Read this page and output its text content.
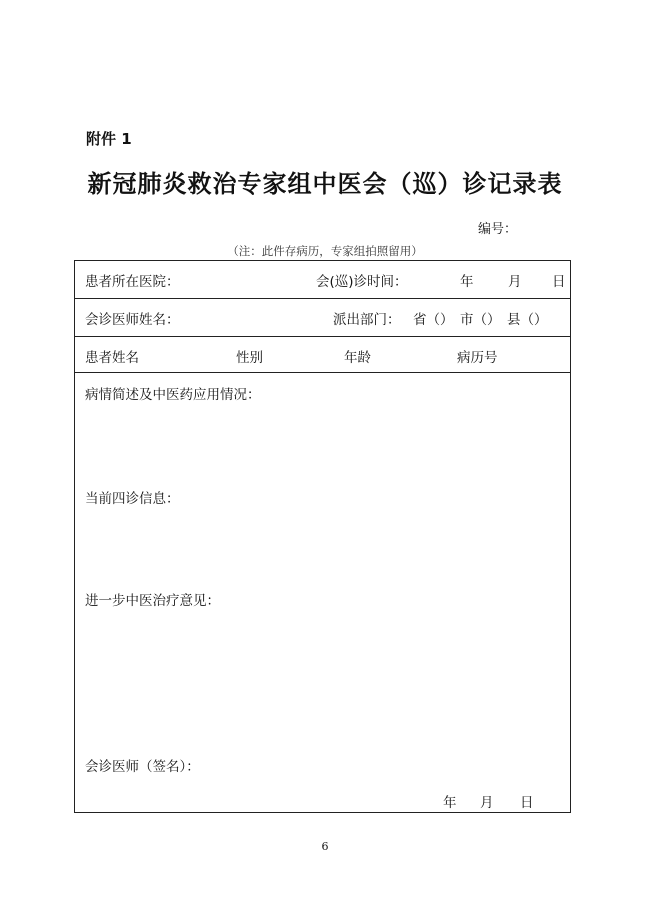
附件 1
新冠肺炎救治专家组中医会（巡）诊记录表
编号：
（注：此件存病历，专家组拍照留用）
患者所在医院：	会(巡)诊时间：	年	月 日
会诊医师姓名：	派出部门： 省（） 市（） 县（）
患者姓名	性别	年龄	病历号
病情简述及中医药应用情况：
当前四诊信息：
进一步中医治疗意见：
会诊医师（签名）：
年 月 日
6
